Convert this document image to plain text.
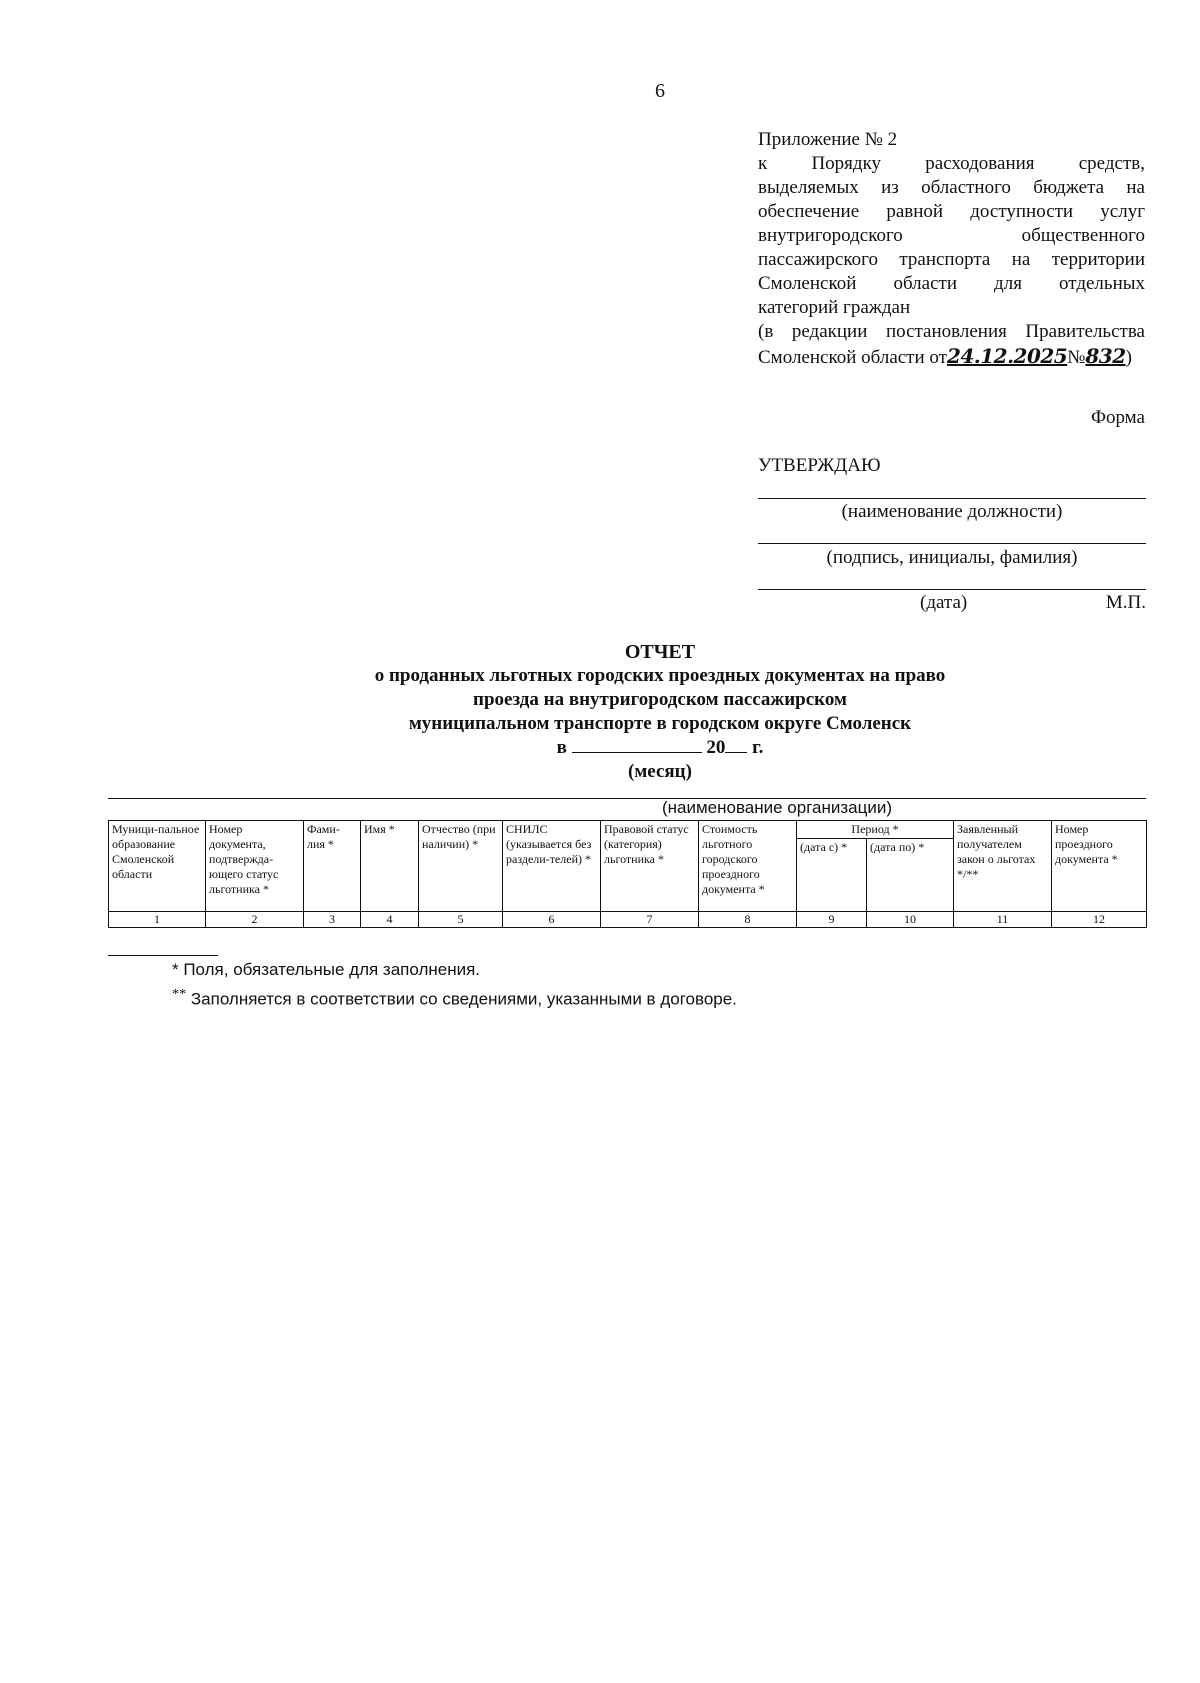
6
Приложение № 2
к Порядку расходования средств,
выделяемых из областного бюджета на
обеспечение равной доступности услуг
внутригородского общественного
пассажирского транспорта на территории
Смоленской области для отдельных
категорий граждан
(в редакции постановления Правительства
Смоленской области от24.12.2025№832)
Форма
УТВЕРЖДАЮ
(наименование должности)
(подпись, инициалы, фамилия)
(дата)	М.П.
ОТЧЕТ
о проданных льготных городских проездных документах на право
проезда на внутригородском пассажирском
муниципальном транспорте в городском округе Смоленск
в	20 г.
(месяц)
(наименование организации)
Муници-пальное образование Смоленской области	Номер документа, подтвержда-ющего статус льготника *	Фами-лия *	Имя *	Отчество (при наличии) *	СНИЛС (указывается без раздели-телей) *	Правовой статус (категория) льготника *	Стоимость льготного городского проездного документа *	Период *		Заявленный получателем закон о льготах */**	Номер проездного документа *
								(дата с) *	(дата по) *		
1	2	3	4	5	6	7	8	9	10	11	12
* Поля, обязательные для заполнения.
** Заполняется в соответствии со сведениями, указанными в договоре.
